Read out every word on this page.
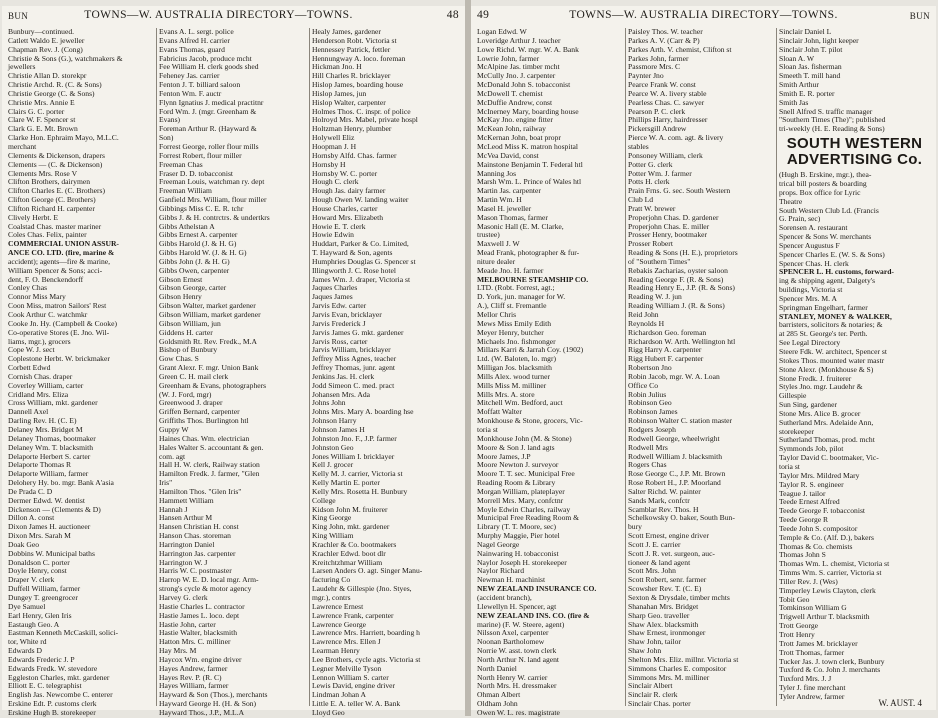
BUN	TOWNS—W. AUSTRALIA DIRECTORY—TOWNS.	48
Bunbury—continued.
Catlett Waldo E. jeweller
Chapman Rev. J. (Cong)
Christie & Sons (G.), watchmakers &
jewellers
Christie Allan D. storekpr
Christie Archd. R. (C. & Sons)
Christie George (C. & Sons)
Christie Mrs. Annie E
Clairs G. C. porter
Clare W. F. Spencer st
Clark G. E. Mt. Brown
Clarke Hon. Ephraim Mayo, M.L.C.
merchant
Clements & Dickenson, drapers
Clements — (C. & Dickenson)
Clements Mrs. Rose V
Clifton Brothers, dairymen
Clifton Charles E. (C. Brothers)
Clifton George (C. Brothers)
Clifton Richard H. carpenter
Clively Herbt. E
Coalstad Chas. master mariner
Coles Chas. Felix, painter
COMMERCIAL UNION ASSUR-
ANCE CO. LTD. (fire, marine &
accident); agents—fire & marine,
William Spencer & Sons; acci-
dent, F. O. Benckendorff
Conley Chas
Connor Miss Mary
Coon Miss, matron Sailors' Rest
Cook Arthur C. watchmkr
Cooke Jn. Hy. (Campbell & Cooke)
Co-operative Stores (E. Jno. Wil-
liams, mgr.), grocers
Cope W. J. sect
Coplestone Herbt. W. brickmaker
Corbett Edwd
Cornish Chas. draper
Coverley William, carter
Cridland Mrs. Eliza
Cross William, mkt. gardener
Dannell Axel
Darling Rev. H. (C. E)
Delaney Mrs. Bridget M
Delaney Thomas, bootmaker
Delaney Wm. T. blacksmith
Delaporte Herbert S. carter
Delaporte Thomas R
Delaporte William, farmer
Delohery Hy. bo. mgr. Bank A'asia
De Prada C. D
Dermer Edwd. W. dentist
Dickenson — (Clements & D)
Dillon A. const
Dixon James H. auctioneer
Dixon Mrs. Sarah M
Doak Geo
Dobbins W. Municipal baths
Donaldson C. porter
Doyle Henry, const
Draper V. clerk
Duffell William, farmer
Dungey T. greengrocer
Dye Samuel
Earl Henry, Glen Iris
Eastaugh Geo. A
Eastman Kenneth McCaskill, solici-
tor, White rd
Edwards D
Edwards Frederic J. P
Edwards Fredk. W. stevedore
Eggleston Charles, mkt. gardener
Elliott E. C. telegraphist
English Jas. Newcombe C. enterer
Erskine Edt. P. customs clerk
Erskine Hugh B. storekeeper
Evans A. L. sergt. police
Evans Alfred H. carrier
Evans Thomas, guard
Fabricius Jacob, produce mcht
Fee William H. clerk goods shed
Feheney Jas. carrier
Fenton J. T. billiard saloon
Fenton Wm. F. auctr
Flynn Ignatius J. medical practitnr
Ford Wm. J. (mgr. Greenham &
Evans)
Foreman Arthur R. (Hayward &
Son)
Forrest George, roller flour mills
Forrest Robert, flour miller
Freeman Chas
Fraser D. D. tobacconist
Freeman Louis, watchman ry. dept
Freeman William
Ganfield Mrs. William, flour miller
Gibbings Miss C. E. R. tchr
Gibbs J. & H. contrctrs. & undertkrs
Gibbs Athelstan A
Gibbs Ernest A. carpenter
Gibbs Harold (J. & H. G)
Gibbs Harold W. (J. & H. G)
Gibbs John (J. & H. G)
Gibbs Owen, carpenter
Gibson Ernest
Gibson George, carter
Gibson Henry
Gibson Walter, market gardener
Gibson William, market gardener
Gibson William, jun
Giddens H. carter
Goldsmith Rt. Rev. Fredk., M.A
Bishop of Bunbury
Gow Chas. S
Grant Alexr. F. mgr. Union Bank
Green C. H. mail clerk
Greenham & Evans, photographers
(W. J. Ford, mgr)
Greenwood J. draper
Griffen Bernard, carpenter
Griffiths Thos. Burlington htl
Guppy W
Haines Chas. Wm. electrician
Hales Walter S. accountant & gen.
com. agt
Hall H. W. clerk, Railway station
Hamilton Fredk. J. farmer, "Glen
Iris"
Hamilton Thos. "Glen Iris"
Hammett William
Hannah J
Hansen Arthur M
Hansen Christian H. const
Hanson Chas. storeman
Harrington Daniel
Harrington Jas. carpenter
Harrington W. J
Harris W. C. postmaster
Harrop W. E. D. local mgr. Arm-
strong's cycle & motor agency
Harvey G. clerk
Hastie Charles L. contractor
Hastie James L. loco. dept
Hastie John, carter
Hastie Walter, blacksmith
Hatton Mrs. C. milliner
Hay Mrs. M
Haycox Wm. engine driver
Hayes Andrew, farmer
Hayes Rev. P. (R. C)
Hayes William, farmer
Hayward & Son (Thos.), merchants
Hayward George H. (H. & Son)
Hayward Thos., J.P., M.L.A
Healy James, gardener
Henderson Robt. Victoria st
Hennessey Patrick, fettler
Hennungway A. loco. foreman
Hickman Jno. H
Hill Charles R. bricklayer
Hislop James, boarding house
Hislop James, jun
Hislop Walter, carpenter
Holmes Thos. C. inspr. of police
Holroyd Mrs. Mabel, private hospl
Holtzman Henry, plumber
Holywell Eliz
Hoopman J. H
Hornsby Alfd. Chas. farmer
Hornsby H
Hornsby W. C. porter
Hough C. clerk
Hough Jas. dairy farmer
Hough Owen W. landing waiter
House Charles, carter
Howard Mrs. Elizabeth
Howie E. T. clerk
Howie Edwin
Huddart, Parker & Co. Limited,
T. Hayward & Son, agents
Humphries Douglas G. Spencer st
Illingworth J. C. Rose hotel
James Wm. J. draper, Victoria st
Jaques Charles
Jaques James
Jarvis Edw. carter
Jarvis Evan, bricklayer
Jarvis Frederick J
Jarvis James G. mkt. gardener
Jarvis Ross, carter
Jarvis William, bricklayer
Jeffrey Miss Agnes, teacher
Jeffrey Thomas, junr. agent
Jenkins Jas. H. clerk
Jodd Simeon C. med. pract
Johansen Mrs. Ada
Johns John
Johns Mrs. Mary A. boarding hse
Johnson Harry
Johnson James H
Johnston Jno. F., J.P. farmer
Johnston Geo
Jones William I. bricklayer
Kell J. grocer
Kelly M. J. carrier, Victoria st
Kelly Martin E. porter
Kelly Mrs. Rosetta H. Bunbury
College
Kidson John M. fruiterer
King George
King John, mkt. gardener
King William
Krachler & Co. bootmakers
Krachler Edwd. boot dlr
Kreitchtzhmar William
Larsen Anders O. agt. Singer Manu-
facturing Co
Laudehr & Gillespie (Jno. Styes,
mgr.), contrs
Lawrence Ernest
Lawrence Frank, carpenter
Lawrence George
Lawrence Mrs. Harriett, boarding h
Lawrence Mrs. Ellen J
Learman Henry
Lee Brothers, cycle agts. Victoria st
Legner Melville Tyson
Lennon William S. carter
Lewis David, engine driver
Lindman Johan A
Little E. A. teller W. A. Bank
Lloyd Geo
49	TOWNS—W. AUSTRALIA DIRECTORY—TOWNS.	BUN
Logan Edwd. W
Loveridge Arthur J. teacher
Lowe Richd. W. mgr. W. A. Bank
Lowrie John, farmer
McAlpine Jas. timber mcht
McCully Jno. J. carpenter
McDonald John S. tobacconist
McDowell T. chemist
McDuffie Andrew, const
McInerney Mary, boarding house
McKay Jno. engine fitter
McKean John, railway
McKernan John, boat propr
McLeod Miss K. matron hospital
McVea David, const
Mainstone Benjamin T. Federal htl
Manning Jos
Marsh Wm. L. Prince of Wales htl
Martin Jas. carpenter
Martin Wm. H
Masel H. jeweller
Mason Thomas, farmer
Masonic Hall (E. M. Clarke,
trustee)
Maxwell J. W
Mead Frank, photographer & fur-
niture dealer
Meade Jno. H. farmer
MELBOURNE STEAMSHIP CO.
LTD. (Robt. Forrest, agt.;
D. York, jun. manager for W.
A.), Cliff st. Fremantle
Mellor Chris
Mews Miss Emily Edith
Meyer Henry, butcher
Michaels Jno. fishmonger
Millars Karri & Jarrah Coy. (1902)
Ltd. (W. Baloten, lo. mgr)
Milligan Jos. blacksmith
Mills Alex. wood turner
Mills Miss M. milliner
Mills Mrs. A. store
Mitchell Wm. Bedford, auct
Moffatt Walter
Monkhouse & Stone, grocers, Vic-
toria st
Monkhouse John (M. & Stone)
Moore & Son J. land agts
Moore James, J.P
Moore Newton J. surveyor
Moore T. T. sec. Municipal Free
Reading Room & Library
Morgan William, plateplayer
Morrell Mrs. Mary, confctnr
Moyle Edwin Charles, railway
Municipal Free Reading Room &
Library (T. T. Moore, sec)
Murphy Maggie, Pier hotel
Nagel George
Nainwaring H. tobacconist
Naylor Joseph H. storekeeper
Naylor Richard
Newman H. machinist
NEW ZEALAND INSURANCE CO.
(accident branch),
Llewellyn H. Spencer, agt
NEW ZEALAND INS. CO. (fire &
marine) (F. W. Steere, agent)
Nilsson Axel, carpenter
Noonan Bartholomew
Norrie W. asst. town clerk
North Arthur N. land agent
North Daniel
North Henry W. carrier
North Mrs. H. dressmaker
Ohman Albert
Oldham John
Owen W. L. res. magistrate
Paisley Thos. W. teacher
Parkes A. V. (Carr & P)
Parkes Arth. V. chemist, Clifton st
Parkes John, farmer
Passmore Mrs. C
Paynter Jno
Pearce Frank W. const
Pearce W. A. livery stable
Pearless Chas. C. sawyer
Pearson P. C. clerk
Phillips Harry, hairdresser
Pickersgill Andrew
Pierce W. A. com. agt. & livery
stables
Ponsoney William, clerk
Potter G. clerk
Potter Wm. J. farmer
Potts H. clerk
Prain Frns. G. sec. South Western
Club Ld
Pratt W. brewer
Properjohn Chas. D. gardener
Properjohn Chas. E. miller
Prosser Henry, bootmaker
Prosser Robert
Reading & Sons (H. E.), proprietors
of "Southern Times"
Rebakis Zacharias, oyster saloon
Reading George F. (R. & Sons)
Reading Henry E., J.P. (R. & Sons)
Reading W. J. jun
Reading William J. (R. & Sons)
Reid John
Reynolds H
Richardson Geo. foreman
Richardson W. Arth. Wellington htl
Rigg Harry A. carpenter
Rigg Hubert F. carpenter
Robertson Jno
Robin Jacob, mgr. W. A. Loan
Office Co
Robin Julius
Robinson Geo
Robinson James
Robinson Walter C. station master
Rodgers Joseph
Rodwell George, wheelwright
Rodwell Mrs
Rodwell William J. blacksmith
Rogers Chas
Rose George C., J.P. Mt. Brown
Rose Robert H., J.P. Moorland
Salter Richd. W. painter
Sands Mark, confctr
Scamblar Rev. Thos. H
Schelkowsky O. baker, South Bun-
bury
Scott Ernest, engine driver
Scott J. E. carrier
Scott J. R. vet. surgeon, auc-
tioneer & land agent
Scott Mrs. John
Scott Robert, senr. farmer
Scowsher Rev. T. (C. E)
Sexton & Drysdale, timber mchts
Shanahan Mrs. Bridget
Sharp Geo. traveller
Shaw Alex. blacksmith
Shaw Ernest, ironmonger
Shaw John, tailor
Shaw John
Shelton Mrs. Eliz. millnr. Victoria st
Simmons Charles E. compositor
Simmons Mrs. M. milliner
Sinclair Albert
Sinclair R. clerk
Sinclair Chas. porter
Sinclair Daniel L
Sinclair John, light keeper
Sinclair John T. pilot
Sloan A. W
Sloan Jas. fisherman
Smeeth T. mill hand
Smith Arthur
Smith E. R. porter
Smith Jas
Snell Alfred S. traffic manager
"Southern Times (The)"; published
tri-weekly (H. E. Reading & Sons)
SOUTH WESTERN
ADVERTISING Co.
(Hugh B. Erskine, mgr.), thea-
trical bill posters & boarding
props. Box office for Lyric
Theatre
South Western Club Ld. (Francis
G. Prain, sec)
Sorensen A. restaurant
Spencer & Sons W. merchants
Spencer Augustus F
Spencer Charles E. (W. S. & Sons)
Spencer Chas. H. clerk
SPENCER L. H. customs, forward-
ing & shipping agent, Dalgety's
buildings, Victoria st
Spencer Mrs. M. A
Springman Engelhart, farmer
STANLEY, MONEY & WALKER,
barristers, solicitors & notaries; &
at 285 St. George's ter. Perth.
See Legal Directory
Steere Fdk. W. architect, Spencer st
Stokes Thos. mounted water mastr
Stone Alexr. (Monkhouse & S)
Stone Fredk. J. fruiterer
Styles Jno. mgr. Laudehr &
Gillespie
Sun Sing, gardener
Stone Mrs. Alice B. grocer
Sutherland Mrs. Adelaide Ann,
storekeeper
Sutherland Thomas, prod. mcht
Symmonds Job, pilot
Taylor David C. bootmaker, Vic-
toria st
Taylor Mrs. Mildred Mary
Taylor R. S. engineer
Teague J. tailor
Teede Ernest Alfred
Teede George F. tobacconist
Teede George R
Teede John S. compositor
Temple & Co. (Alf. D.), bakers
Thomas & Co. chemists
Thomas John S
Thomas Wm. L. chemist, Victoria st
Timms Wm. S. carrier, Victoria st
Tiller Rev. J. (Wes)
Timperley Lewis Clayton, clerk
Tobit Geo
Tomkinson William G
Trigwell Arthur T. blacksmith
Trott George
Trott Henry
Trott James M. bricklayer
Trott Thomas, farmer
Tucker Jas. J. town clerk, Bunbury
Tuxford & Co. John J. merchants
Tuxford Mrs. J. J
Tyler J. fine merchant
Tyler Andrew, farmer
W. AUST. 4
